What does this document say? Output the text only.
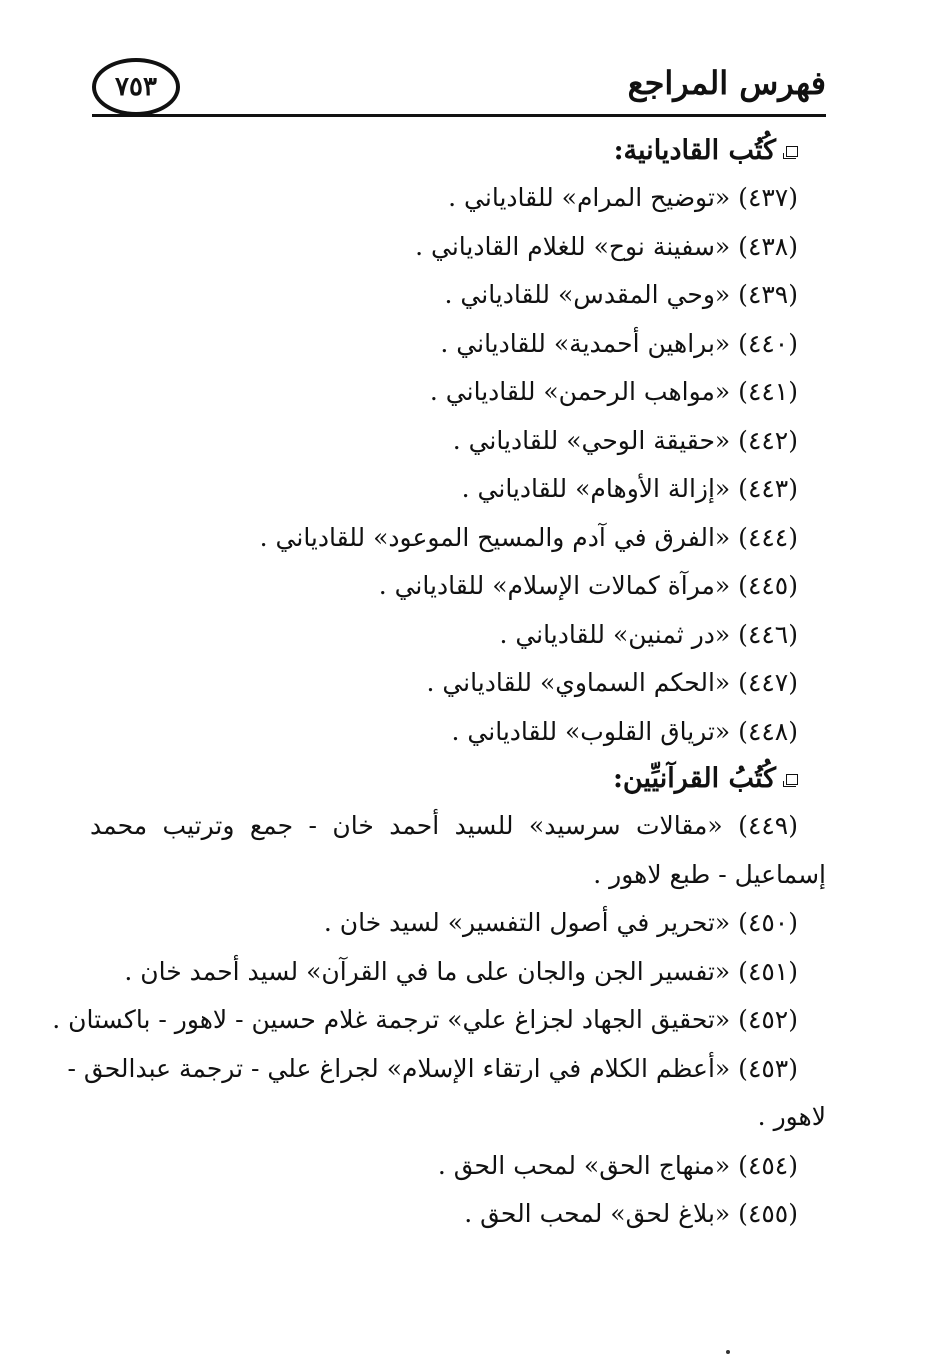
٧٥٣	فهرس المراجع
كُتُب القاديانية:
(٤٣٧) «توضيح المرام» للقادياني .
(٤٣٨) «سفينة نوح» للغلام القادياني .
(٤٣٩) «وحي المقدس» للقادياني .
(٤٤٠) «براهين أحمدية» للقادياني .
(٤٤١) «مواهب الرحمن» للقادياني .
(٤٤٢) «حقيقة الوحي» للقادياني .
(٤٤٣) «إزالة الأوهام» للقادياني .
(٤٤٤) «الفرق في آدم والمسيح الموعود» للقادياني .
(٤٤٥) «مرآة كمالات الإسلام» للقادياني .
(٤٤٦) «در ثمنين» للقادياني .
(٤٤٧) «الحكم السماوي» للقادياني .
(٤٤٨) «ترياق القلوب» للقادياني .
كُتُبُ القرآنيِّين:
(٤٤٩) «مقالات سرسيد» للسيد أحمد خان - جمع وترتيب محمد
إسماعيل - طبع لاهور .
(٤٥٠) «تحرير في أصول التفسير» لسيد خان .
(٤٥١) «تفسير الجن والجان على ما في القرآن» لسيد أحمد خان .
(٤٥٢) «تحقيق الجهاد لجزاغ علي» ترجمة غلام حسين - لاهور - باكستان .
(٤٥٣) «أعظم الكلام في ارتقاء الإسلام» لجراغ علي - ترجمة عبدالحق -
لاهور .
(٤٥٤) «منهاج الحق» لمحب الحق .
(٤٥٥) «بلاغ لحق» لمحب الحق .
